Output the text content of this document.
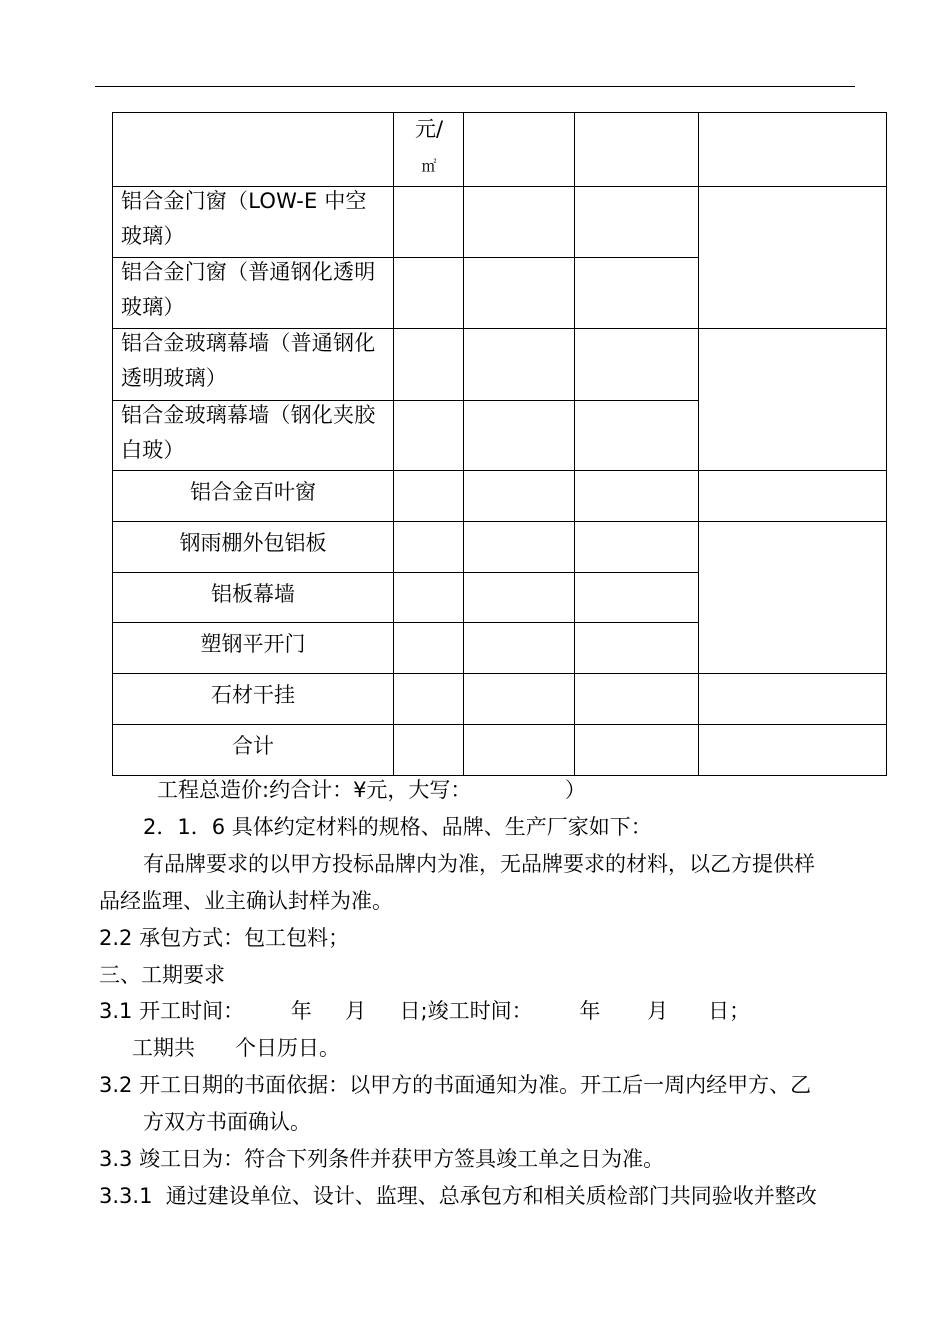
元/
㎡
铝合金门窗（LOW-E 中空玻璃）
铝合金门窗（普通钢化透明玻璃）
铝合金玻璃幕墙（普通钢化透明玻璃）
铝合金玻璃幕墙（钢化夹胶白玻）
铝合金百叶窗
钢雨棚外包铝板
铝板幕墙
塑钢平开门
石材干挂
合计
工程总造价:约合计：¥元，大写：              ）
2．1．6 具体约定材料的规格、品牌、生产厂家如下：
有品牌要求的以甲方投标品牌内为准，无品牌要求的材料，以乙方提供样
品经监理、业主确认封样为准。
2.2 承包方式：包工包料；
三、工期要求
3.1 开工时间：       年     月     日;竣工时间：       年       月      日；
工期共      个日历日。
3.2 开工日期的书面依据：以甲方的书面通知为准。开工后一周内经甲方、乙
方双方书面确认。
3.3 竣工日为：符合下列条件并获甲方签具竣工单之日为准。
3.3.1  通过建设单位、设计、监理、总承包方和相关质检部门共同验收并整改
